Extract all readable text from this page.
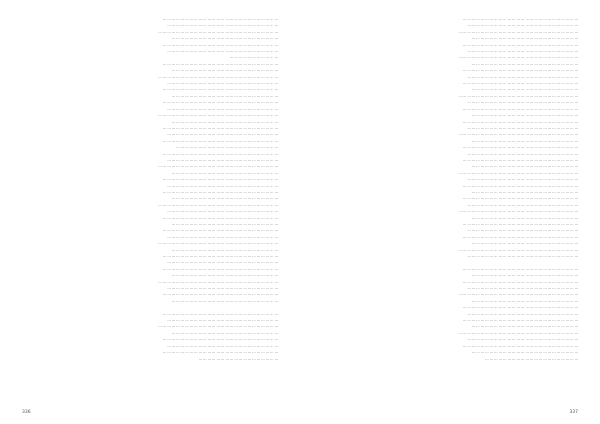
… … … … … … … … … … … … … … … … … … … … … … … … … …
… … … … … … … … … … … … … … … … … … … … … … … … …
… … … … … … … … … … … … … … … … … … … … … … … … … … …
… … … … … … … … … … … … … … … … … … … … … … … …
… … … … … … … … … … … … … … … … … … … … … … … … … …
… … … … … … … … … … … … … … … … … … … … … … … … …
… … … … … … … … … … …
… … … … … … … … … … … … … … … … … … … … … … … … … …
… … … … … … … … … … … … … … … … … … … … … … … …
… … … … … … … … … … … … … … … … … … … … … … … … … … …
… … … … … … … … … … … … … … … … … … … … … … … … …
… … … … … … … … … … … … … … … … … … … … … … … … … …
… … … … … … … … … … … … … … … … … … … … … … … …
… … … … … … … … … … … … … … … … … … … … … … … … … …
… … … … … … … … … … … … … … … … … … … … … … … … …
… … … … … … … … … … … … … … … … … … … … … … … … … … …
… … … … … … … … … … … … … … … … … … … … … … … …
… … … … … … … … … … … … … … … … … … … … … … … … … …
… … … … … … … … … … … … … … … … … … … … … … … … …
… … … … … … … … … … … … … … … … … … … … … … … … … …
… … … … … … … … … … … … … … … … … … … … … … …
… … … … … … … … … … … … … … … … … … … … … … … … … …
… … … … … … … … … … … … … … … … … … … … … … … … …
… … … … … … … … … … … … … … … … … … … … … … … … … … …
… … … … … … … … … … … … … … … … … … … … … … … …
… … … … … … … … … … … … … … … … … … … … … … … … … …
… … … … … … … … … … … … … … … … … … … … … … … … …
… … … … … … … … … … … … … … … … … … … … … … … … … …
… … … … … … … … … … … … … … … … … … … … … … … …
… … … … … … … … … … … … … … … … … … … … … … … … … … …
… … … … … … … … … … … … … … … … … … … … … … … … …
… … … … … … … … … … … … … … … … … … … … … … … … … …
… … … … … … … … … … … … … … … … … … … … … … … …
… … … … … … … … … … … … … … … … … … … … … … … … … …
… … … … … … … … … … … … … … … … … … … … … … … … …
… … … … … … … … … … … … … … … … … … … … … … … … … … …
… … … … … … … … … … … … … … … … … … … … … … … …
… … … … … … … … … … … … … … … … … … … … … … … … … …
… … … … … … … … … … … … … … … … … … … … … … … … …
… … … … … … … … … … … … … … … … … … … … … … … … … …
… … … … … … … … … … … … … … … … … … … … … … … …
… … … … … … … … … … … … … … … … … … … … … … … … … … …
… … … … … … … … … … … … … … … … … … … … … … … … …
… … … … … … … … … … … … … … … … … … … … … … … … … …
… … … … … … … … … … … … … … … … … … … … … … … …
… … … … … … … … … … … … … … … … … … … … … … … … … …
… … … … … … … … … … … … … … … … … … … … … … … … …
… … … … … … … … … … … … … … … … … … … … … … … … … … …
… … … … … … … … … … … … … … … … … … … … … … … …
… … … … … … … … … … … … … … … … … … … … … … … … … …
… … … … … … … … … … … … … … … … … … … … … … … … …
… … … … … … … … … … … … … … … … … … … … … … … … … …
… … … … … … … … … … … … … … … … … …
336
… … … … … … … … … … … … … … … … … … … … … … … … … …
… … … … … … … … … … … … … … … … … … … … … … … … …
… … … … … … … … … … … … … … … … … … … … … … … … … … …
… … … … … … … … … … … … … … … … … … … … … … … …
… … … … … … … … … … … … … … … … … … … … … … … … … …
… … … … … … … … … … … … … … … … … … … … … … … … …
… … … … … … … … … … … … … … … … … … … … … … … … … … …
… … … … … … … … … … … … … … … … … … … … … … … …
… … … … … … … … … … … … … … … … … … … … … … … … … …
… … … … … … … … … … … … … … … … … … … … … … … … …
… … … … … … … … … … … … … … … … … … … … … … … … … …
… … … … … … … … … … … … … … … … … … … … … … … …
… … … … … … … … … … … … … … … … … … … … … … … … … … …
… … … … … … … … … … … … … … … … … … … … … … … … …
… … … … … … … … … … … … … … … … … … … … … … … … … …
… … … … … … … … … … … … … … … … … … … … … … … …
… … … … … … … … … … … … … … … … … … … … … … … … … …
… … … … … … … … … … … … … … … … … … … … … … … … …
… … … … … … … … … … … … … … … … … … … … … … … … … … …
… … … … … … … … … … … … … … … … … … … … … … … …
… … … … … … … … … … … … … … … … … … … … … … … … … …
… … … … … … … … … … … … … … … … … … … … … … … … …
… … … … … … … … … … … … … … … … … … … … … … … … … …
… … … … … … … … … … … … … … … … … … … … … … … …
… … … … … … … … … … … … … … … … … … … … … … … … … … …
… … … … … … … … … … … … … … … … … … … … … … … … …
… … … … … … … … … … … … … … … … … … … … … … … … … …
… … … … … … … … … … … … … … … … … … … … … … … …
… … … … … … … … … … … … … … … … … … … … … … … … … …
… … … … … … … … … … … … … … … … … … … … … … … … …
… … … … … … … … … … … … … … … … … … … … … … … … … … …
… … … … … … … … … … … … … … … … … … … … … … … …
… … … … … … … … … … … … … … … … … … … … … … … … … …
… … … … … … … … … … … … … … … … … … … … … … … … …
… … … … … … … … … … … … … … … … … … … … … … … … … …
… … … … … … … … … … … … … … … … … … … … … … … …
… … … … … … … … … … … … … … … … … … … … … … … … … … …
… … … … … … … … … … … … … … … … … … … … … … … … …
… … … … … … … … … … … … … … … … … … … … … … … … … …
… … … … … … … … … … … … … … … … … … … … … … … …
… … … … … … … … … … … … … … … … … … … … … … … … … …
… … … … … … … … … … … … … … … … … … … … … … … … …
… … … … … … … … … … … … … … … … … … … … … … … … … … …
… … … … … … … … … … … … … … … … … … … … … … … …
… … … … … … … … … … … … … … … … … … … … … … … … … …
… … … … … … … … … … … … … … … … … … … … … … … … …
… … … … … … … … … … … … … … … … … … … … … … … … … …
… … … … … … … … … … … … … … … … … … … … … … … …
… … … … … … … … … … … … … … … … … … … … … … … … … … …
… … … … … … … … … … … … … … … … … … … … … … … … …
… … … … … … … … … … … … … … … … … … … … … … … … … …
… … … … … … … … … … … … … … … … … … … … … … … …
… … … … … … … … … … … … … … … … … … … … …
337
